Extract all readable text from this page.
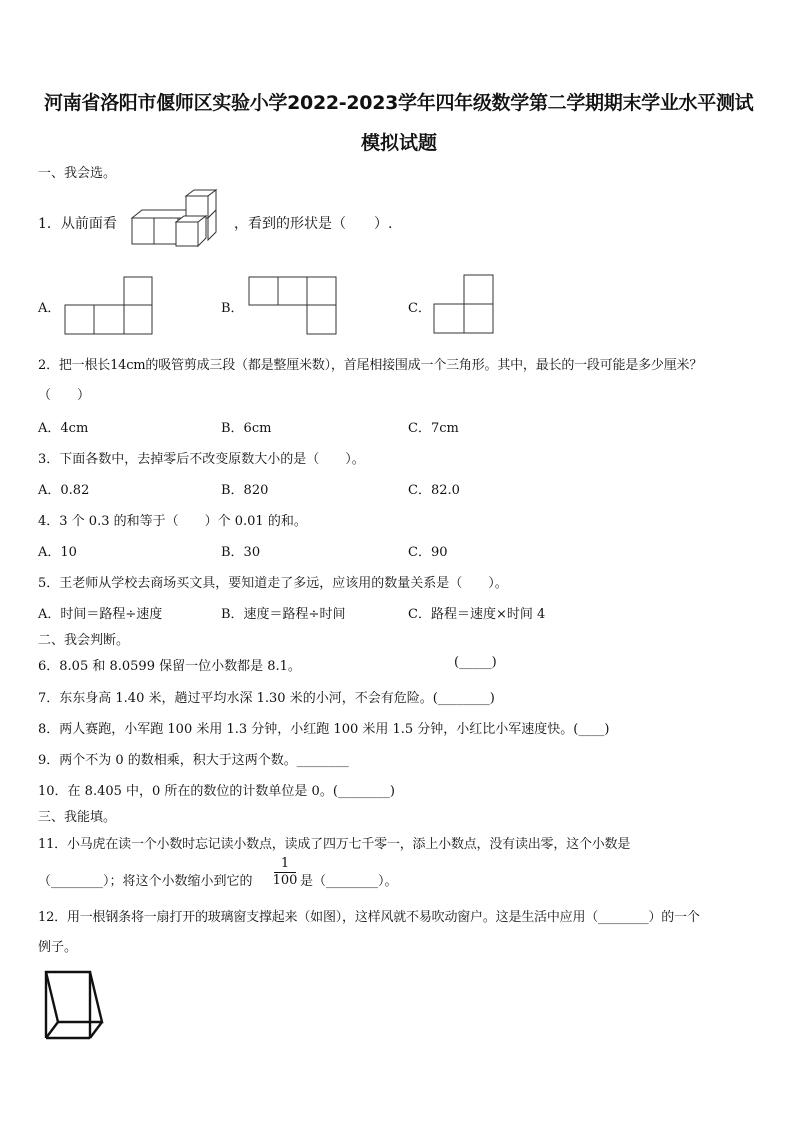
河南省洛阳市偃师区实验小学2022-2023学年四年级数学第二学期期末学业水平测试
模拟试题
一、我会选。
1．从前面看	，看到的形状是（　　）.
A．	B．	C．
2．把一根长14cm的吸管剪成三段（都是整厘米数），首尾相接围成一个三角形。其中，最长的一段可能是多少厘米？
（　　）
A．4cm	B．6cm	C．7cm
3．下面各数中，去掉零后不改变原数大小的是（　　）。
A．0.82	B．820	C．82.0
4．3 个 0.3 的和等于（　　）个 0.01 的和。
A．10	B．30	C．90
5．王老师从学校去商场买文具，要知道走了多远，应该用的数量关系是（　　）。
A．时间＝路程÷速度	B．速度＝路程÷时间	C．路程＝速度×时间 4
二、我会判断。
6．8.05 和 8.0599 保留一位小数都是 8.1。	(_____)
7．东东身高 1.40 米，趟过平均水深 1.30 米的小河，不会有危险。(________)
8．两人赛跑，小军跑 100 米用 1.3 分钟，小红跑 100 米用 1.5 分钟，小红比小军速度快。(____)
9．两个不为 0 的数相乘，积大于这两个数。________
10．在 8.405 中，0 所在的数位的计数单位是 0。(________)
三、我能填。
11．小马虎在读一个小数时忘记读小数点，读成了四万七千零一，添上小数点，没有读出零，这个小数是
（________）；将这个小数缩小到它的
1
100 是（________）。
12．用一根钢条将一扇打开的玻璃窗支撑起来（如图），这样风就不易吹动窗户。这是生活中应用（________）的一个
例子。
